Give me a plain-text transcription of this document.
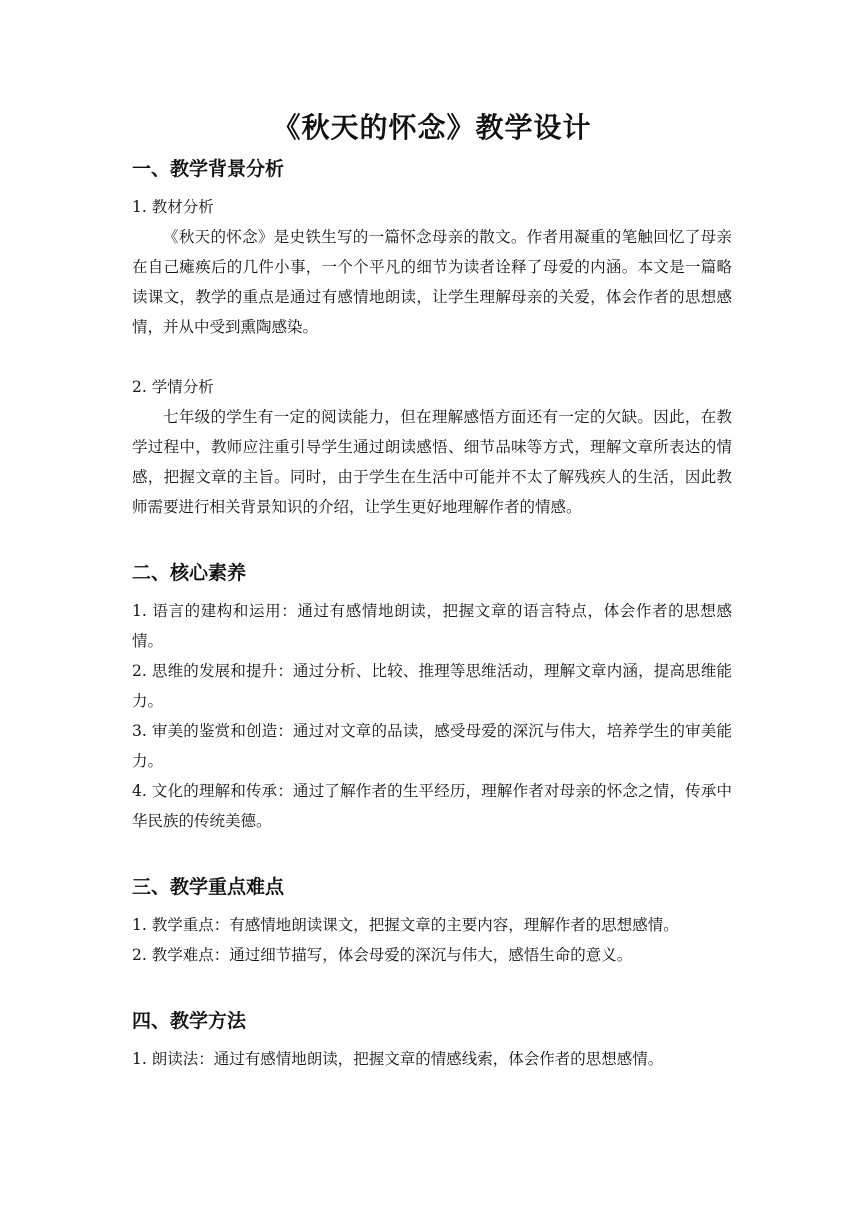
《秋天的怀念》教学设计
一、教学背景分析

1. 教材分析

《秋天的怀念》是史铁生写的一篇怀念母亲的散文。作者用凝重的笔触回忆了母亲在自己瘫痪后的几件小事，一个个平凡的细节为读者诠释了母爱的内涵。本文是一篇略读课文，教学的重点是通过有感情地朗读，让学生理解母亲的关爱，体会作者的思想感情，并从中受到熏陶感染。

2. 学情分析

七年级的学生有一定的阅读能力，但在理解感悟方面还有一定的欠缺。因此，在教学过程中，教师应注重引导学生通过朗读感悟、细节品味等方式，理解文章所表达的情感，把握文章的主旨。同时，由于学生在生活中可能并不太了解残疾人的生活，因此教师需要进行相关背景知识的介绍，让学生更好地理解作者的情感。

二、核心素养

1. 语言的建构和运用：通过有感情地朗读，把握文章的语言特点，体会作者的思想感情。

2. 思维的发展和提升：通过分析、比较、推理等思维活动，理解文章内涵，提高思维能力。

3. 审美的鉴赏和创造：通过对文章的品读，感受母爱的深沉与伟大，培养学生的审美能力。

4. 文化的理解和传承：通过了解作者的生平经历，理解作者对母亲的怀念之情，传承中华民族的传统美德。

三、教学重点难点

1. 教学重点：有感情地朗读课文，把握文章的主要内容，理解作者的思想感情。

2. 教学难点：通过细节描写，体会母爱的深沉与伟大，感悟生命的意义。

四、教学方法

1. 朗读法：通过有感情地朗读，把握文章的情感线索，体会作者的思想感情。
